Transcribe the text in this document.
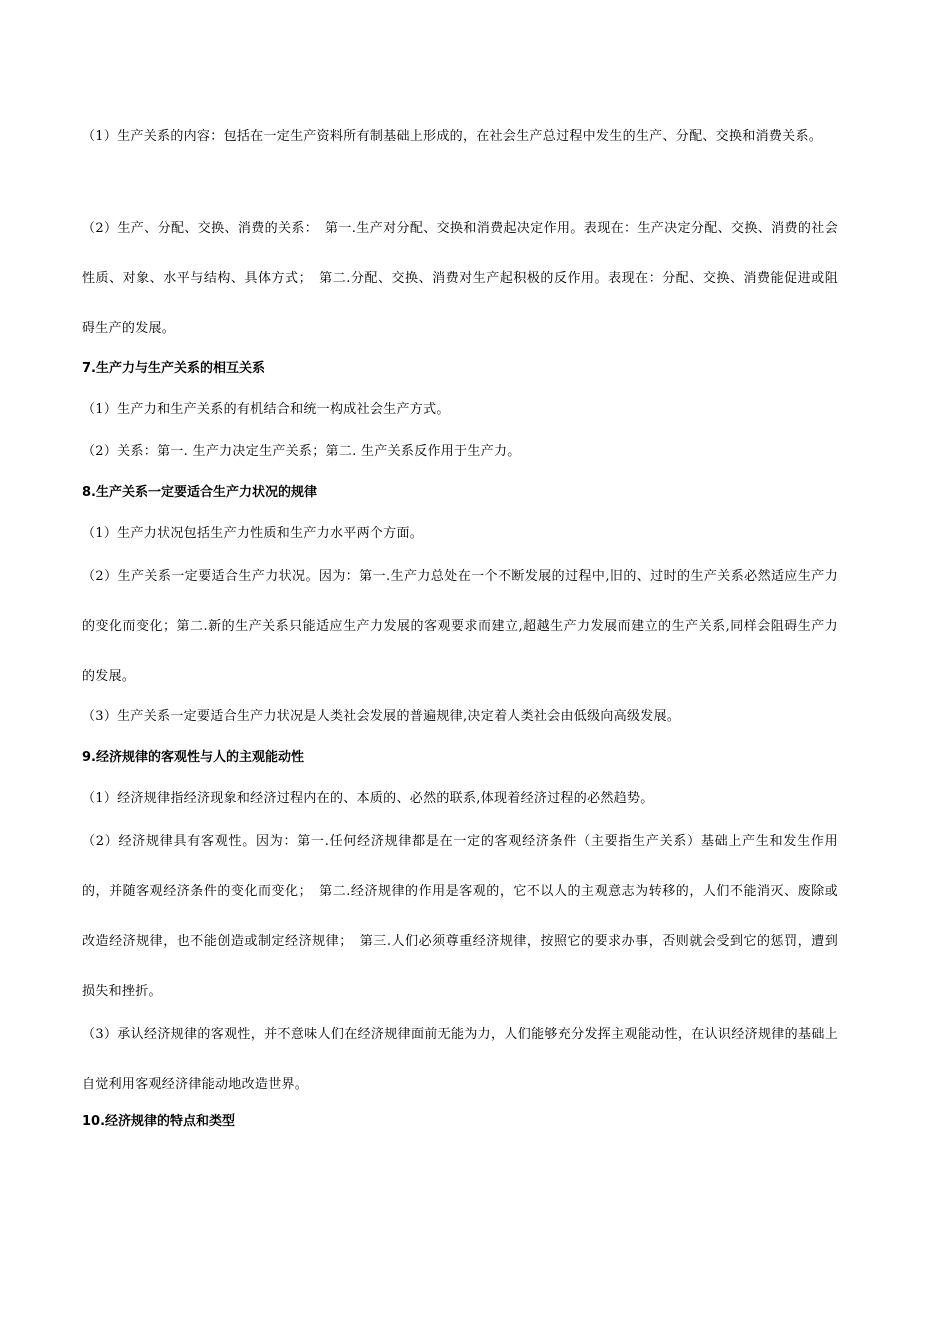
（1）生产关系的内容：包括在一定生产资料所有制基础上形成的，在社会生产总过程中发生的生产、分配、交换和消费关系。

（2）生产、分配、交换、消费的关系：　第一.生产对分配、交换和消费起决定作用。表现在：生产决定分配、交换、消费的社会性质、对象、水平与结构、具体方式；　第二.分配、交换、消费对生产起积极的反作用。表现在：分配、交换、消费能促进或阻碍生产的发展。

7.生产力与生产关系的相互关系

（1）生产力和生产关系的有机结合和统一构成社会生产方式。

（2）关系：第一. 生产力决定生产关系；第二. 生产关系反作用于生产力。

8.生产关系一定要适合生产力状况的规律

（1）生产力状况包括生产力性质和生产力水平两个方面。

（2）生产关系一定要适合生产力状况。因为：第一.生产力总处在一个不断发展的过程中,旧的、过时的生产关系必然适应生产力的变化而变化；第二.新的生产关系只能适应生产力发展的客观要求而建立,超越生产力发展而建立的生产关系,同样会阻碍生产力的发展。

（3）生产关系一定要适合生产力状况是人类社会发展的普遍规律,决定着人类社会由低级向高级发展。

9.经济规律的客观性与人的主观能动性

（1）经济规律指经济现象和经济过程内在的、本质的、必然的联系,体现着经济过程的必然趋势。

（2）经济规律具有客观性。因为：第一.任何经济规律都是在一定的客观经济条件（主要指生产关系）基础上产生和发生作用的，并随客观经济条件的变化而变化；　第二.经济规律的作用是客观的，它不以人的主观意志为转移的，人们不能消灭、废除或改造经济规律，也不能创造或制定经济规律；　第三.人们必须尊重经济规律，按照它的要求办事，否则就会受到它的惩罚，遭到损失和挫折。

（3）承认经济规律的客观性，并不意味人们在经济规律面前无能为力，人们能够充分发挥主观能动性，在认识经济规律的基础上自觉利用客观经济律能动地改造世界。

10.经济规律的特点和类型
